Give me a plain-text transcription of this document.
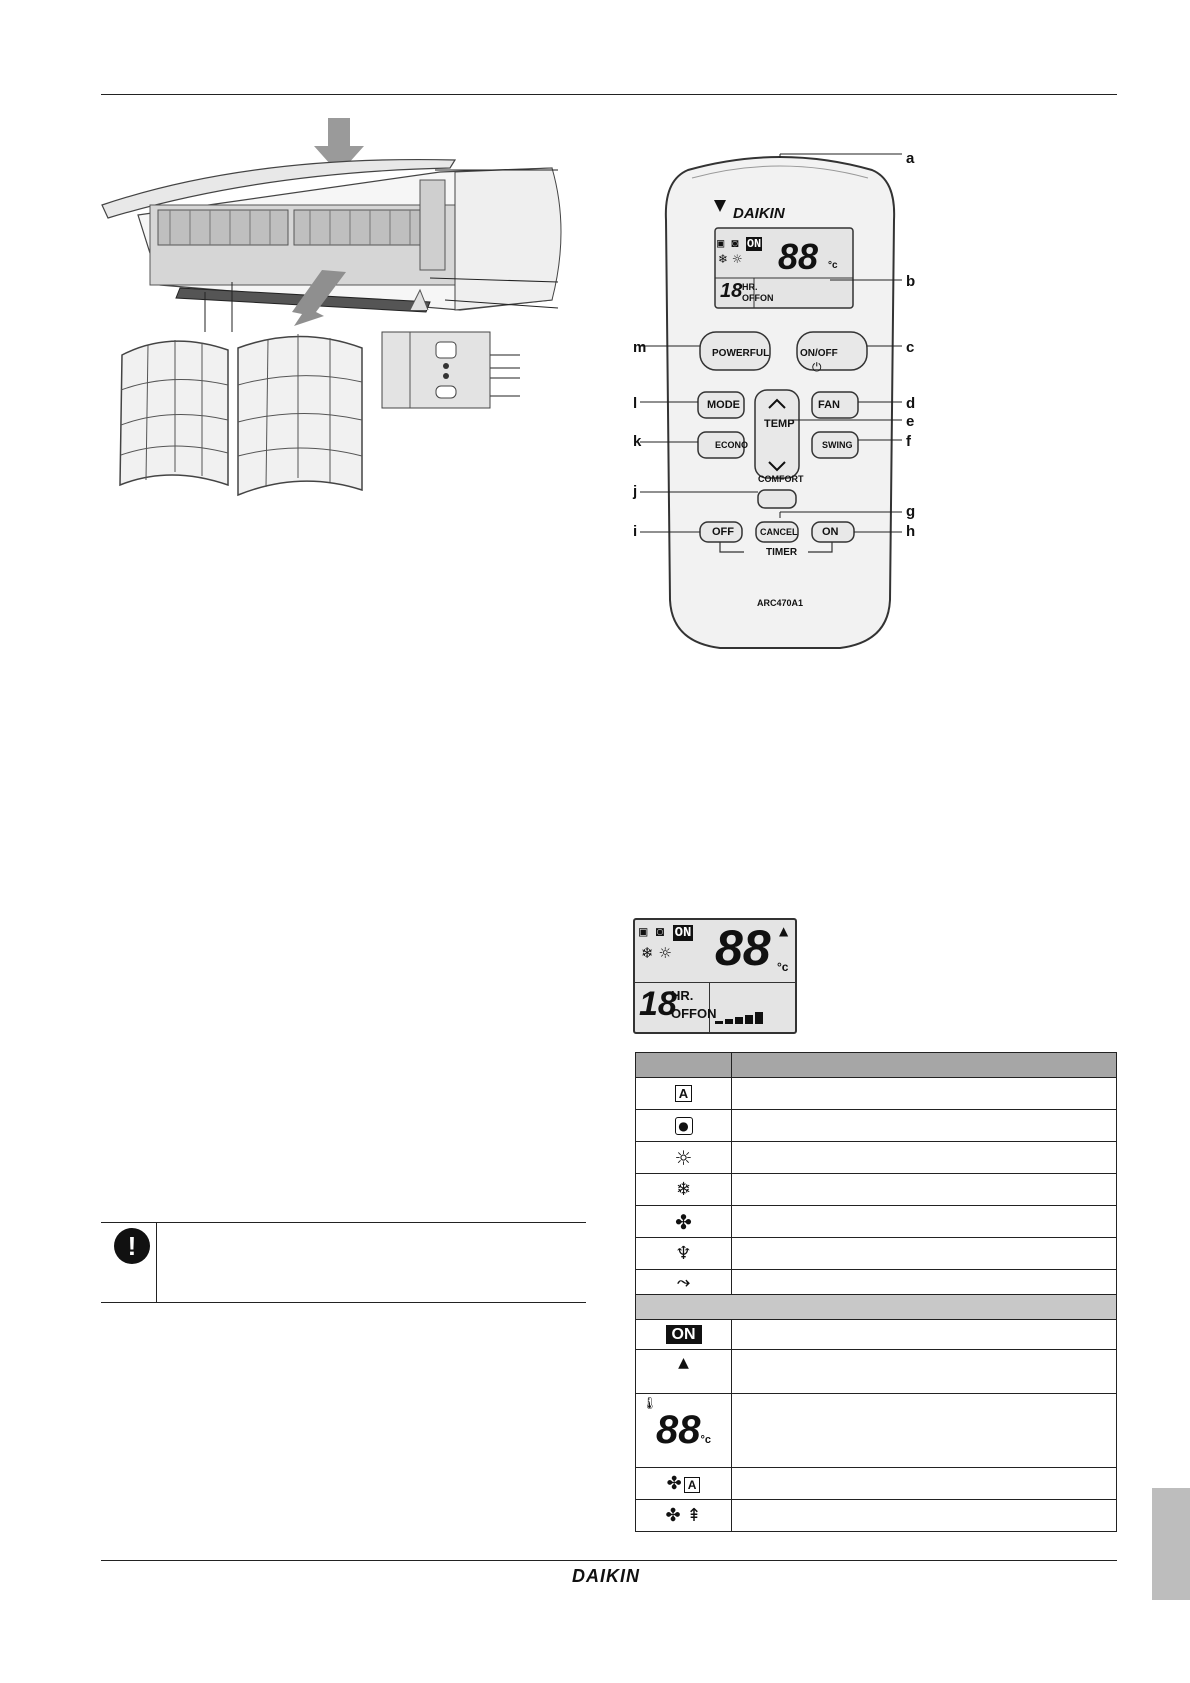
DAIKIN
▣ ◙ ON
❄ ☼ 88 °c
18 HR.
OFFON
POWERFUL	ON/OFF
⏻
MODE	FAN
TEMP
ECONO	SWING
COMFORT
OFF	CANCEL ON
TIMER
ARC470A1
a
b
c
d
e
f
g
h
i
j
k
l
m
▣ ◙ ON
❄ ☼ 88 ▲
°c
18
HR.
OFFON

A	
●	
☼	
❄	
✤	
♆	
⤳	

ON	
▲	

🌡
88°c	
✤ A	
✤ ⇞	
!
DAIKIN
